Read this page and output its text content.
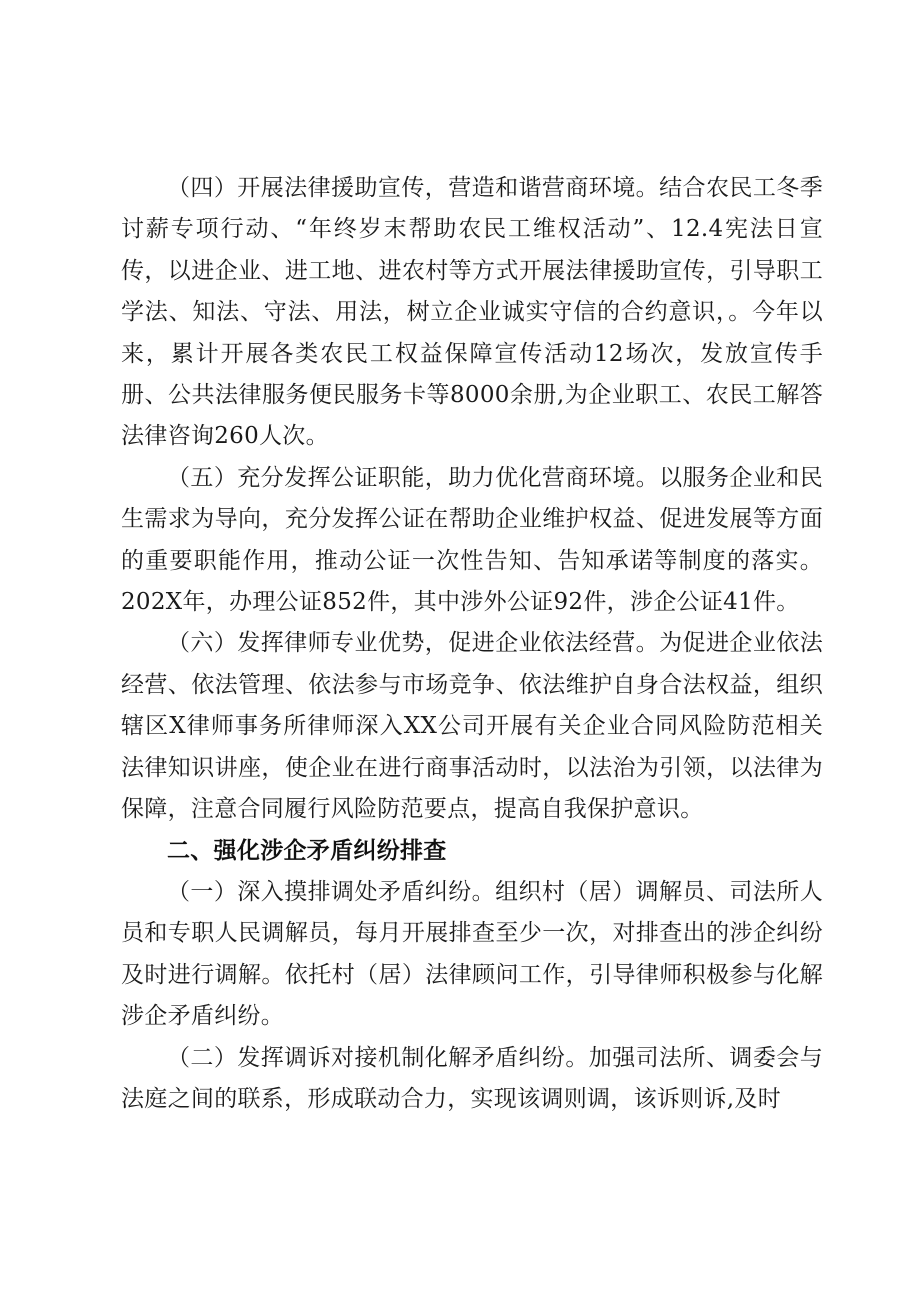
（四）开展法律援助宣传，营造和谐营商环境。结合农民工冬季讨薪专项行动、“年终岁末帮助农民工维权活动”、12.4宪法日宣传，以进企业、进工地、进农村等方式开展法律援助宣传，引导职工学法、知法、守法、用法，树立企业诚实守信的合约意识，。今年以来，累计开展各类农民工权益保障宣传活动12场次，发放宣传手册、公共法律服务便民服务卡等8000余册,为企业职工、农民工解答法律咨询260人次。

（五）充分发挥公证职能，助力优化营商环境。以服务企业和民生需求为导向，充分发挥公证在帮助企业维护权益、促进发展等方面的重要职能作用，推动公证一次性告知、告知承诺等制度的落实。202X年，办理公证852件，其中涉外公证92件，涉企公证41件。

（六）发挥律师专业优势，促进企业依法经营。为促进企业依法经营、依法管理、依法参与市场竞争、依法维护自身合法权益，组织辖区X律师事务所律师深入XX公司开展有关企业合同风险防范相关法律知识讲座，使企业在进行商事活动时，以法治为引领，以法律为保障，注意合同履行风险防范要点，提高自我保护意识。

二、强化涉企矛盾纠纷排查

（一）深入摸排调处矛盾纠纷。组织村（居）调解员、司法所人员和专职人民调解员，每月开展排查至少一次，对排查出的涉企纠纷及时进行调解。依托村（居）法律顾问工作，引导律师积极参与化解涉企矛盾纠纷。

（二）发挥调诉对接机制化解矛盾纠纷。加强司法所、调委会与法庭之间的联系，形成联动合力，实现该调则调，该诉则诉,及时
